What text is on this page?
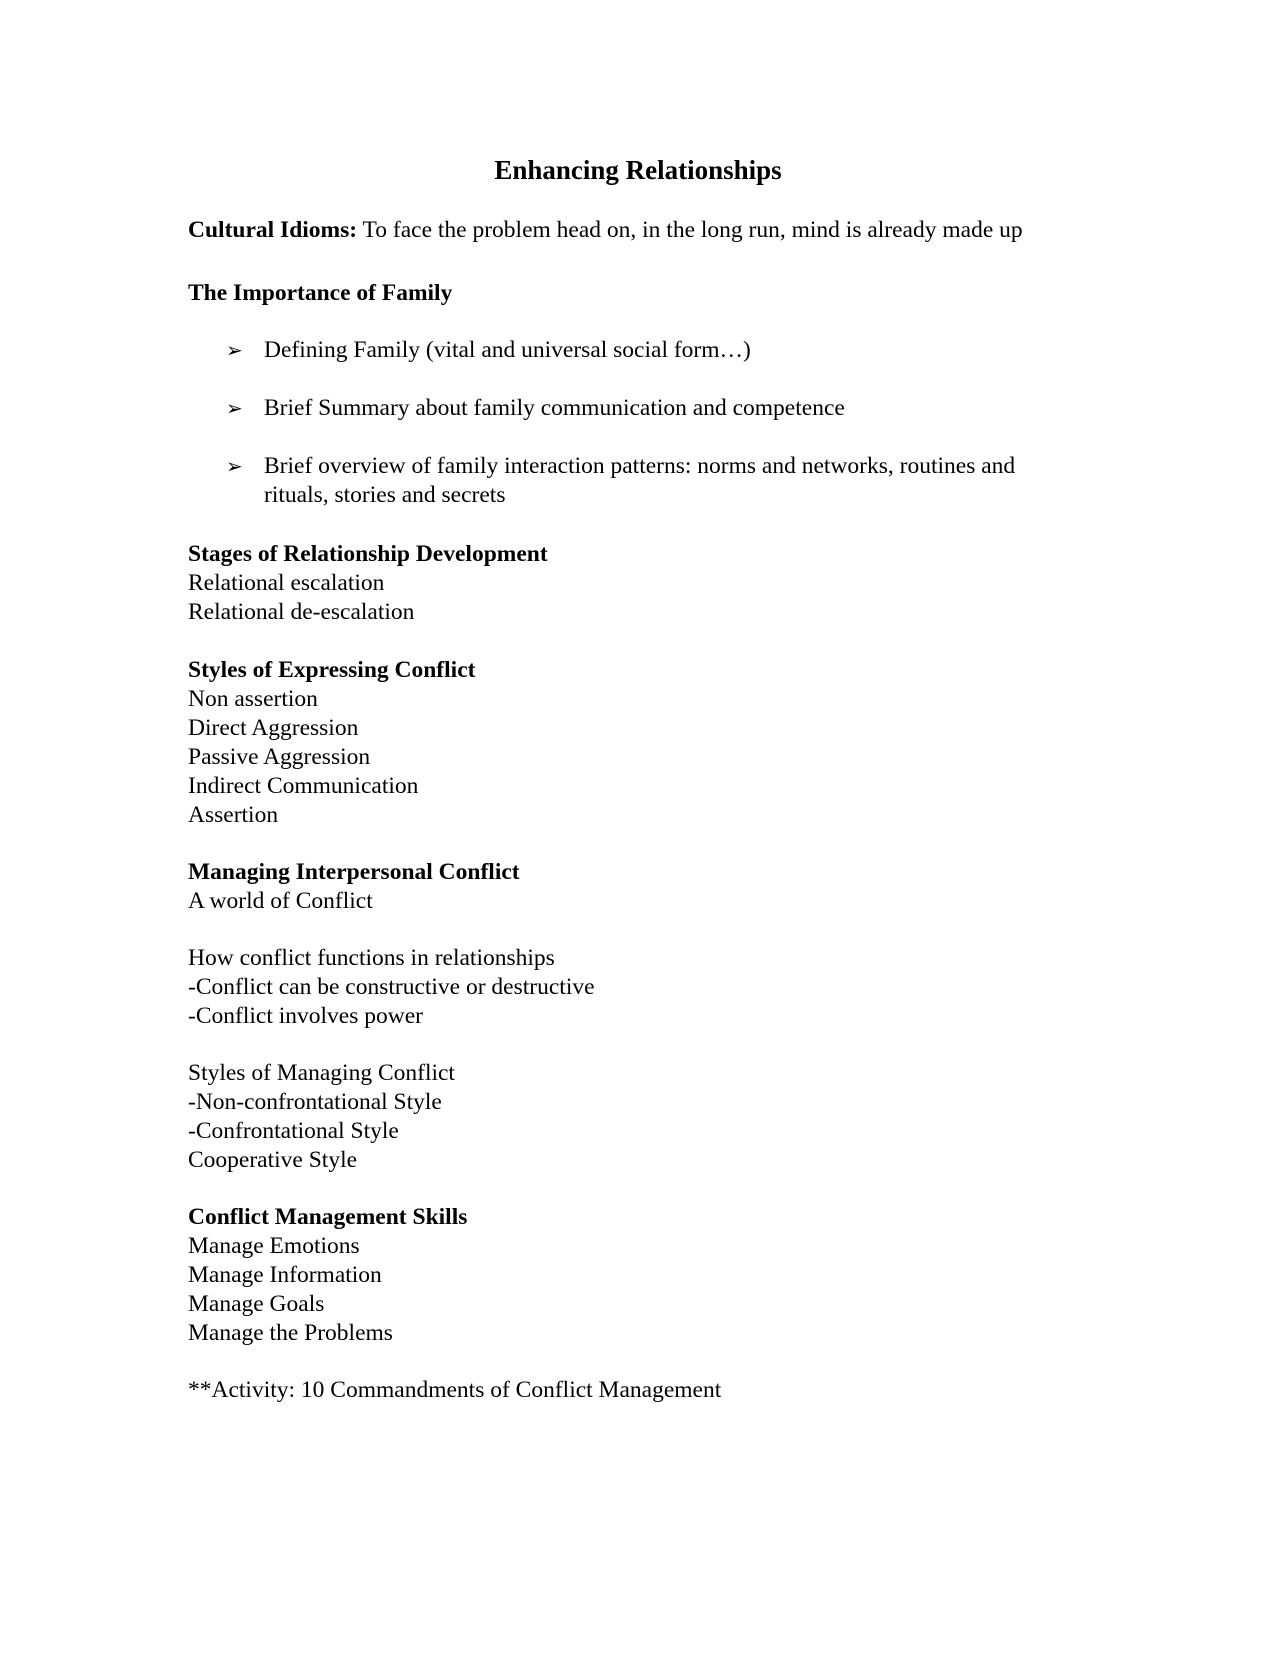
Enhancing Relationships
Cultural Idioms: To face the problem head on, in the long run, mind is already made up
The Importance of Family
➢ Defining Family (vital and universal social form…)
➢ Brief Summary about family communication and competence
➢ Brief overview of family interaction patterns: norms and networks, routines and rituals, stories and secrets
Stages of Relationship Development
Relational escalation
Relational de-escalation
Styles of Expressing Conflict
Non assertion
Direct Aggression
Passive Aggression
Indirect Communication
Assertion
Managing Interpersonal Conflict
A world of Conflict
How conflict functions in relationships
-Conflict can be constructive or destructive
-Conflict involves power
Styles of Managing Conflict
-Non-confrontational Style
-Confrontational Style
Cooperative Style
Conflict Management Skills
Manage Emotions
Manage Information
Manage Goals
Manage the Problems
**Activity: 10 Commandments of Conflict Management
